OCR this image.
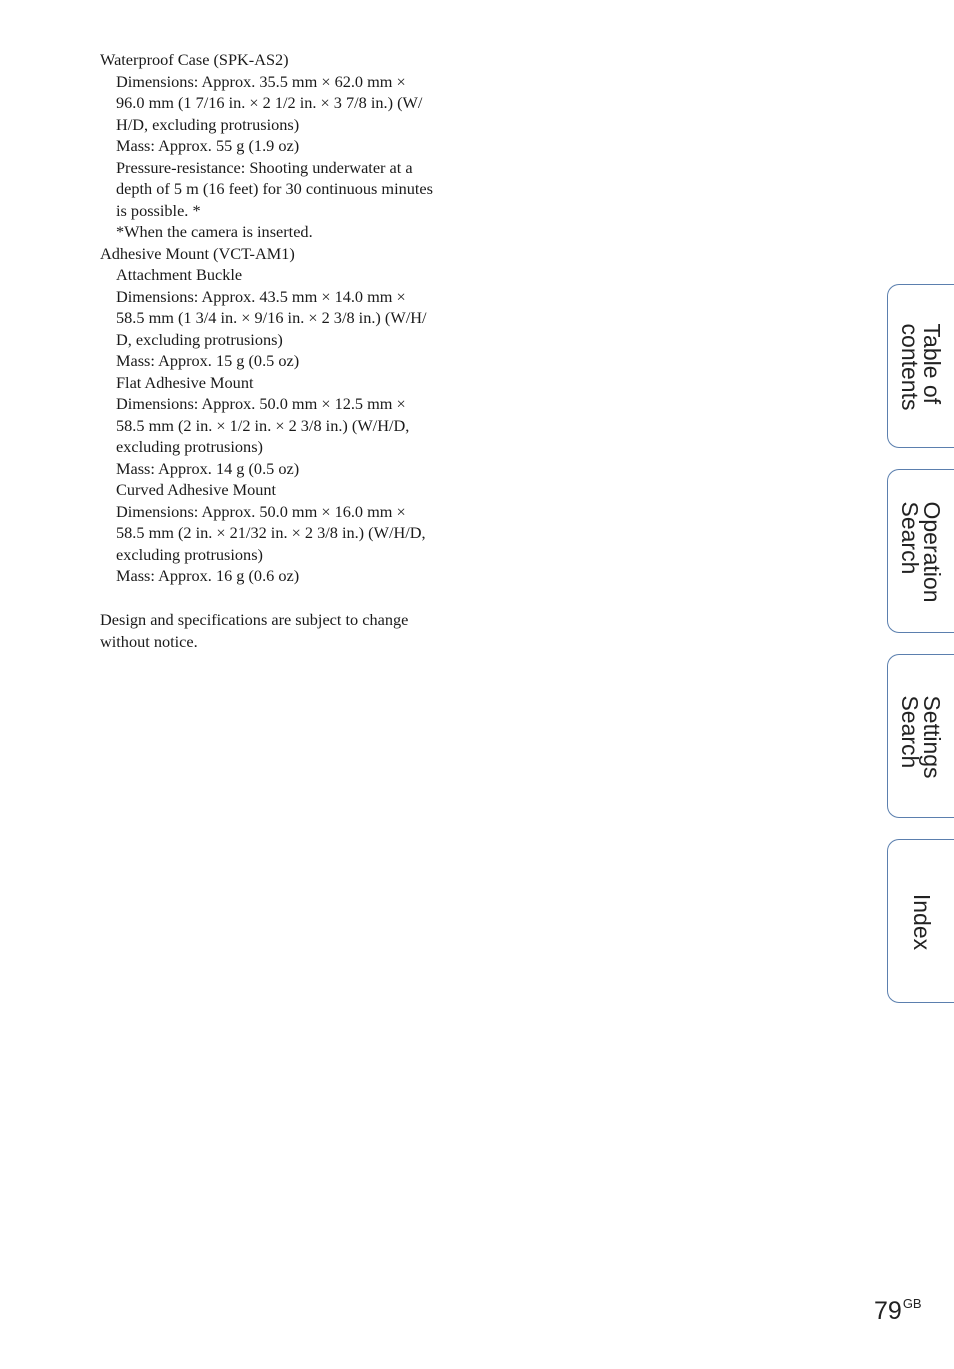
Waterproof Case (SPK-AS2)
Dimensions: Approx. 35.5 mm × 62.0 mm ×
96.0 mm (1 7/16 in. × 2 1/2 in. × 3 7/8 in.) (W/
H/D, excluding protrusions)
Mass: Approx. 55 g (1.9 oz)
Pressure-resistance: Shooting underwater at a
depth of 5 m (16 feet) for 30 continuous minutes
is possible. *
*When the camera is inserted.
Adhesive Mount (VCT-AM1)
Attachment Buckle
Dimensions: Approx. 43.5 mm × 14.0 mm ×
58.5 mm (1 3/4 in. × 9/16 in. × 2 3/8 in.) (W/H/
D, excluding protrusions)
Mass: Approx. 15 g (0.5 oz)
Flat Adhesive Mount
Dimensions: Approx. 50.0 mm × 12.5 mm ×
58.5 mm (2 in. × 1/2 in. × 2 3/8 in.) (W/H/D,
excluding protrusions)
Mass: Approx. 14 g (0.5 oz)
Curved Adhesive Mount
Dimensions: Approx. 50.0 mm × 16.0 mm ×
58.5 mm (2 in. × 21/32 in. × 2 3/8 in.) (W/H/D,
excluding protrusions)
Mass: Approx. 16 g (0.6 oz)
Design and specifications are subject to change
without notice.
Table of
contents
Operation
Search
Settings
Search
Index
$79^{GB}$
